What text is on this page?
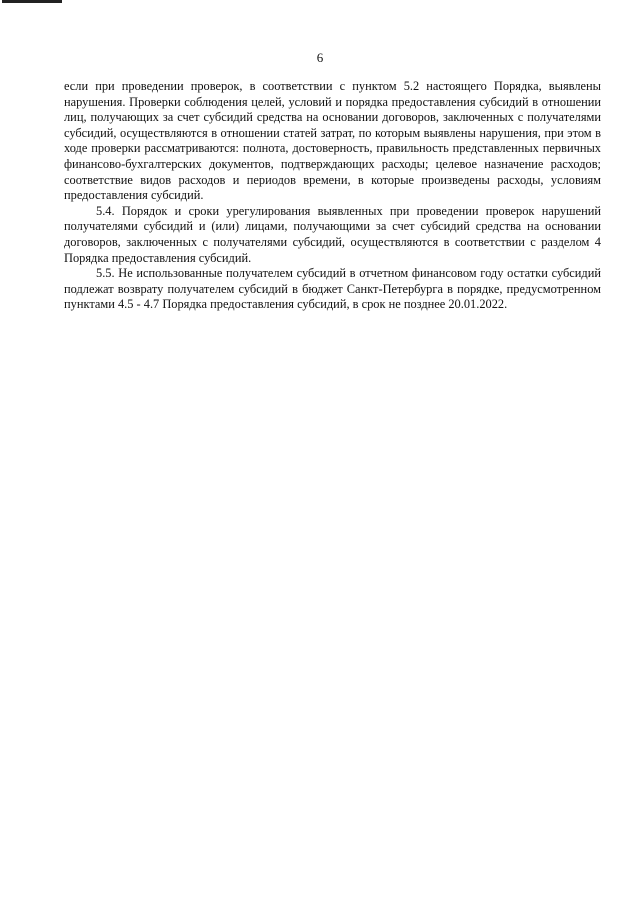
6

если при проведении проверок, в соответствии с пунктом 5.2 настоящего Порядка, выявлены нарушения. Проверки соблюдения целей, условий и порядка предоставления субсидий в отношении лиц, получающих за счет субсидий средства на основании договоров, заключенных с получателями субсидий, осуществляются в отношении статей затрат, по которым выявлены нарушения, при этом в ходе проверки рассматриваются: полнота, достоверность, правильность представленных первичных финансово-бухгалтерских документов, подтверждающих расходы; целевое назначение расходов; соответствие видов расходов и периодов времени, в которые произведены расходы, условиям предоставления субсидий.

5.4. Порядок и сроки урегулирования выявленных при проведении проверок нарушений получателями субсидий и (или) лицами, получающими за счет субсидий средства на основании договоров, заключенных с получателями субсидий, осуществляются в соответствии с разделом 4 Порядка предоставления субсидий.

5.5. Не использованные получателем субсидий в отчетном финансовом году остатки субсидий подлежат возврату получателем субсидий в бюджет Санкт-Петербурга в порядке, предусмотренном пунктами 4.5 - 4.7 Порядка предоставления субсидий, в срок не позднее 20.01.2022.
